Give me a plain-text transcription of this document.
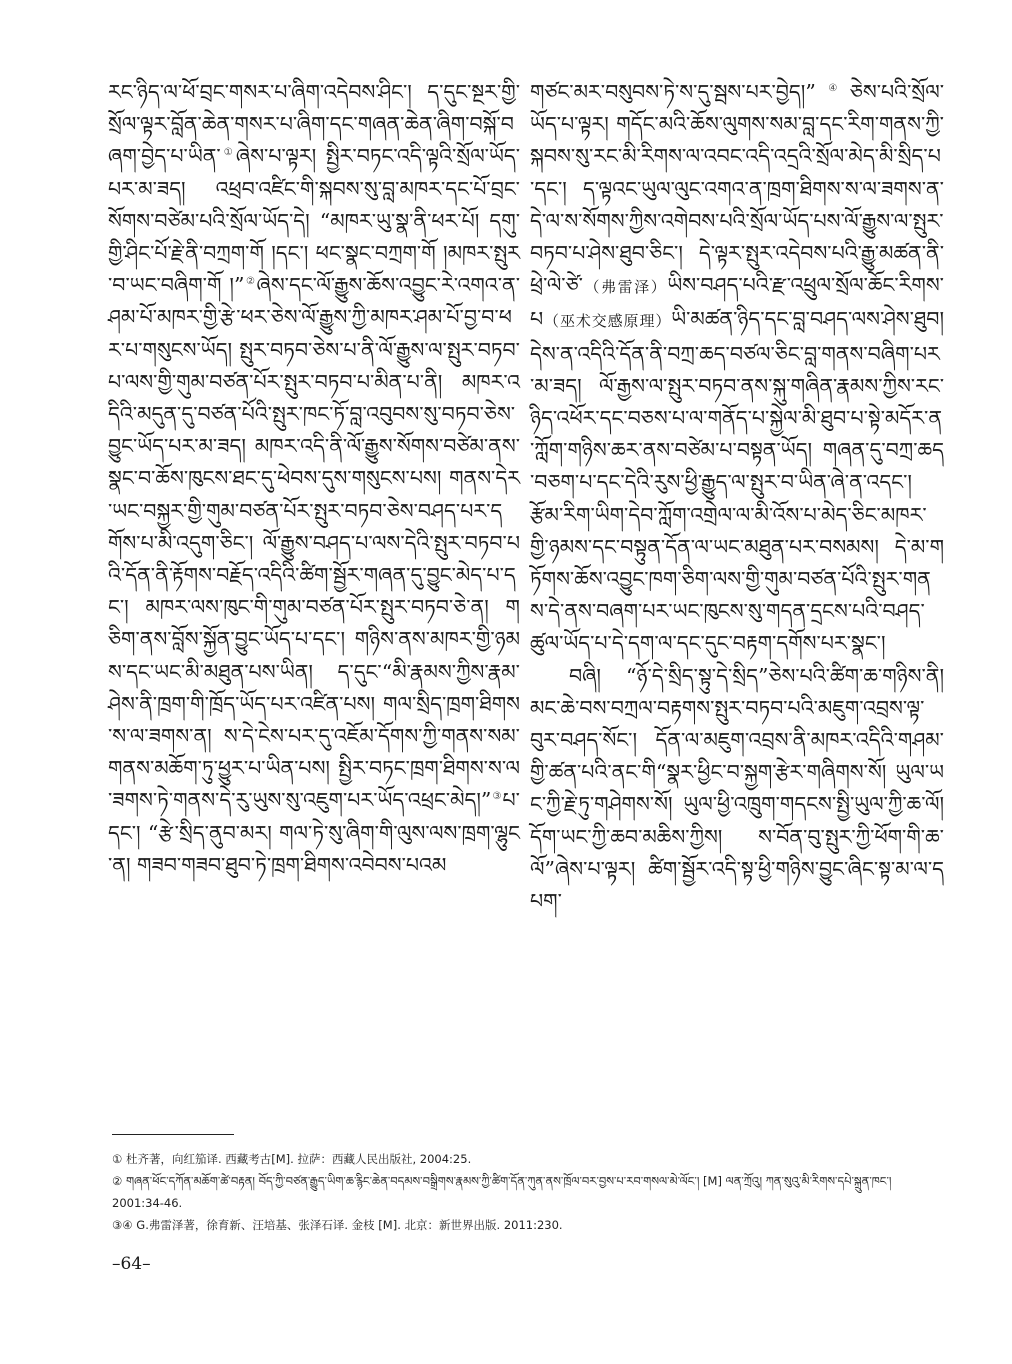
རང་ཉིད་ལ་ཕོ་བྲང་གསར་པ་ཞིག་འདེབས་ཤིང་། ད་དུང་སྔར་གྱི་སྲོལ་ལྟར་བློན་ཆེན་གསར་པ་ཞིག་དང་གཞན་ཆེན་ཞིག་བསྐོ་བཞག་བྱེད་པ་ཡིན་①ཞེས་པ་ལྟར། སྤྱིར་བཏང་འདི་ལྟའི་སྲོལ་ཡོད་པར་མ་ཟད། འཕྲབ་འཛིང་གི་སྐབས་སུ་བླ་མཁར་དང་པོ་བྲང་སོགས་བཙེམ་པའི་སྲོལ་ཡོད་དེ། “མཁར་ཡུ་སྣ་ནི་ཕར་པོ། དགུ་གྱི་ཤིང་པོ་རྗེ་ནི་བཀྲག་གོ །དང་། ཕང་སྣང་བཀྲག་གོ །མཁར་སྤུར་བ་ཡང་བཞིག་གོ །”②ཞེས་དང་ལོ་རྒྱུས་ཆོས་འབྱུང་རེ་འགའ་ན་ཤམ་པོ་མཁར་གྱི་རྩེ་ཕར་ཅེས་ལོ་རྒྱུས་ཀྱི་མཁར་ཤམ་པོ་བྱ་བ་ཕར་པ་གསུངས་ཡོད། སྤུར་བཏབ་ཅེས་པ་ནི་ལོ་རྒྱུས་ལ་སྤུར་བཏབ་པ་ལས་གྱི་གུམ་བཙན་པོར་སྤུར་བཏབ་པ་མིན་པ་ནི། མཁར་འདིའི་མདུན་དུ་བཙན་པོའི་སྤུར་ཁང་ཏོ་བླ་འབུབས་སུ་བཏབ་ཅེས་བྱུང་ཡོད་པར་མ་ཟད། མཁར་འདི་ནི་ལོ་རྒྱུས་སོགས་བཙེམ་ནས་སྣང་བ་ཆོས་ཁུངས་ཐང་དུ་ཕེབས་དུས་གསུངས་པས། གནས་དེར་ཡང་བསྐྱར་གྱི་གུམ་བཙན་པོར་སྤུར་བཏབ་ཅེས་བཤད་པར་དགོས་པ་མི་འདུག་ཅིང་། ལོ་རྒྱུས་བཤད་པ་ལས་དེའི་སྤུར་བཏབ་པའི་དོན་ནི་རྟོགས་བརྗོད་འདིའི་ཚིག་སྦྱོར་གཞན་དུ་བྱུང་མེད་པ་དང་། མཁར་ལས་ཁུང་གི་གུམ་བཙན་པོར་སྤུར་བཏབ་ཅེ་ན། གཅིག་ནས་བློས་སྐྱོན་བྱུང་ཡོད་པ་དང་། གཉིས་ནས་མཁར་གྱི་ཉམས་དང་ཡང་མི་མཐུན་པས་ཡིན། ད་དུང་“མི་རྣམས་ཀྱིས་རྣམ་ཤེས་ནི་ཁྲག་གི་ཁྲོད་ཡོད་པར་འཛིན་པས། གལ་སྲིད་ཁྲག་ཐིགས་ས་ལ་ཟགས་ན། ས་དེ་ངེས་པར་དུ་འཇོམ་དོགས་ཀྱི་གནས་སམ་གནས་མཆོག་ཏུ་ཕྱུར་པ་ཡིན་པས། སྤྱིར་བཏང་ཁྲག་ཐིགས་ས་ལ་ཟགས་ཏེ་གནས་དེ་རུ་ཡུས་སུ་འཇུག་པར་ཡོད་འཕྲང་མེད།”③པ་དང་། “རྩེ་སྲིད་ནུབ་མར། གལ་ཏེ་སུ་ཞིག་གི་ལུས་ལས་ཁྲག་ལྷུང་ན། གཟབ་གཟབ་ཐུབ་ཏེ་ཁྲག་ཐིགས་འབེབས་པའམ

གཙང་མར་བསུབས་ཏེ་ས་དུ་སྦས་པར་བྱེད།”④ཅེས་པའི་སྲོལ་ཡོད་པ་ལྟར། གདོང་མའི་ཆོས་ལུགས་སམ་བླ་དང་རིག་གནས་ཀྱི་སྐབས་སུ་རང་མི་རིགས་ལ་འབང་འདི་འདྲའི་སྲོལ་མེད་མི་སྲིད་པ་དང་། ད་ལྟའང་ཡུལ་ལུང་འགའ་ན་ཁྲག་ཐིགས་ས་ལ་ཟགས་ན་དེ་ལ་ས་སོགས་ཀྱིས་འགེབས་པའི་སྲོལ་ཡོད་པས་ལོ་རྒྱུས་ལ་སྤུར་བཏབ་པ་ཤེས་ཐུབ་ཅིང་། དེ་ལྟར་སྤུར་འདེབས་པའི་རྒྱུ་མཚན་ནི་ཕྲེ་ལེ་ཙེ་（弗雷泽）ཡིས་བཤད་པའི་རྫ་འཕྲུལ་སྲོལ་ཆོང་རིགས་པ（巫术交感原理）ཡི་མཚན་ཉིད་དང་བླ་བཤད་ལས་ཤེས་ཐུབ། དེས་ན་འདིའི་དོན་ནི་བཀྲ་ཆད་བཙལ་ཅིང་བླ་གནས་བཞིག་པར་མ་ཟད། ལོ་རྒྱས་ལ་སྤུར་བཏབ་ནས་སྐུ་གཞིན་རྣམས་ཀྱིས་རང་ཉིད་འཕོར་དང་བཅས་པ་ལ་གནོད་པ་སྐྱེལ་མི་ཐུབ་པ་སྟེ་མདོར་ན་ཀློག་གཉིས་ཆར་ནས་བཙེམ་པ་བསྟན་ཡོད། གཞན་དུ་བཀྲ་ཆད་བཅག་པ་དང་དེའི་རུས་ཕྱི་རྒྱུད་ལ་སྤུར་བ་ཡིན་ཞེ་ན་འདང་། རྩོམ་རིག་ཡིག་དེབ་ཀློག་འགྲེལ་ལ་མི་འོས་པ་མེད་ཅིང་མཁར་གྱི་ཉམས་དང་བསྟུན་དོན་ལ་ཡང་མཐུན་པར་བསམས། དེ་མ་གཏོགས་ཆོས་འབྱུང་ཁག་ཅིག་ལས་གྱི་གུམ་བཙན་པོའི་སྤུར་གནས་དེ་ནས་བཞག་པར་ཡང་ཁུངས་སུ་གདན་དྲངས་པའི་བཤད་ཚུལ་ཡོད་པ་དེ་དག་ལ་དང་དུང་བརྟག་དགོས་པར་སྣང་།

བཞི། “ཉོ་དེ་སྲིད་སྟུ་དེ་སྲིད”ཅེས་པའི་ཚིག་ཆ་གཉིས་ནི། མང་ཆེ་བས་བཀྲལ་བརྟགས་སྤུར་བཏབ་པའི་མཇུག་འབྲས་ལྟ་བུར་བཤད་སོང་། དོན་ལ་མཇུག་འབྲས་ནི་མཁར་འདིའི་གཤམ་གྱི་ཚན་པའི་ནང་གི“སྣར་ཕྱིང་བ་སྐྱག་རྩེར་གཞིགས་སོ། ཡུལ་ཡང་ཀྱི་རྗེ་ཏུ་གཤེགས་སོ། ཡུལ་ཕྱི་འཁྲུག་གདངས་སྤྱི་ཡུལ་ཀྱི་ཆ་ལོ། དོག་ཡང་ཀྱི་ཆབ་མཆིས་ཀྱིས། ས་བོན་བུ་སྤུར་ཀྱི་ཕོག་གི་ཆ་ལོ”ཞེས་པ་ལྟར། ཚིག་སྦྱོར་འདི་སྟ་ཕྱི་གཉིས་བྱུང་ཞིང་སྟ་མ་ལ་དཔག་

① 杜齐著，向红笳译. 西藏考古[M]. 拉萨：西藏人民出版社, 2004:25.

② གཞན་ཕོང་དཀོན་མཆོག་ཚེ་བརྟན། བོད་ཀྱི་བཙན་རྒྱུད་ཡིག་ཆ་རྙིང་ཆེན་བདམས་བསྒྲིགས་རྣམས་ཀྱི་ཚིག་དོན་ཀུན་ནས་ཁྲོལ་བར་བྱས་པ་རབ་གསལ་མེ་ལོང་། [M] ལན་ཀྲོའུ། ཀན་སུའུ་མི་རིགས་དཔེ་སྐྲུན་ཁང་། 2001:34-46.

③④ G.弗雷泽著，徐育新、汪培基、张泽石译. 金枝 [M]. 北京：新世界出版. 2011:230.

–64–
